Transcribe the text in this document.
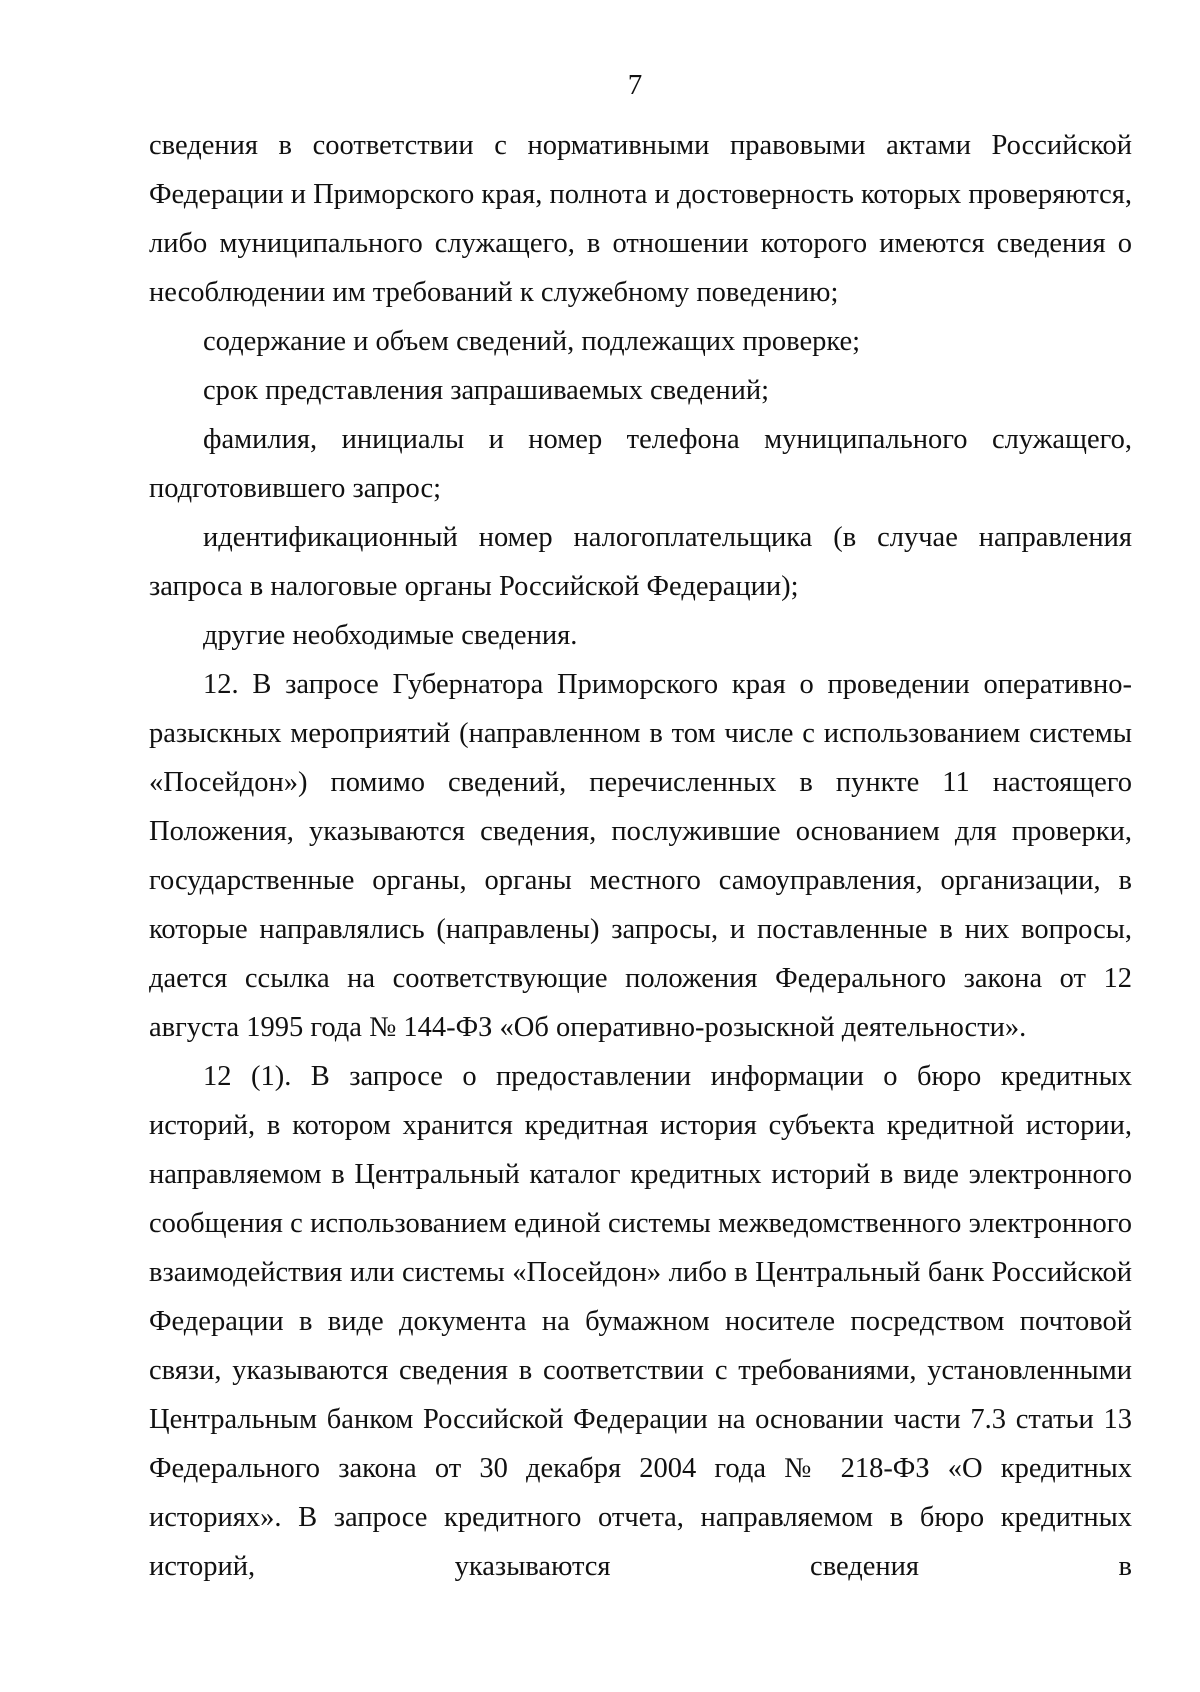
7

сведения в соответствии с нормативными правовыми актами Российской Федерации и Приморского края, полнота и достоверность которых проверяются, либо муниципального служащего, в отношении которого имеются сведения о несоблюдении им требований к служебному поведению;

содержание и объем сведений, подлежащих проверке;

срок представления запрашиваемых сведений;

фамилия, инициалы и номер телефона муниципального служащего, подготовившего запрос;

идентификационный номер налогоплательщика (в случае направления запроса в налоговые органы Российской Федерации);

другие необходимые сведения.

12. В запросе Губернатора Приморского края о проведении оперативно-разыскных мероприятий (направленном в том числе с использованием системы «Посейдон») помимо сведений, перечисленных в пункте 11 настоящего Положения, указываются сведения, послужившие основанием для проверки, государственные органы, органы местного самоуправления, организации, в которые направлялись (направлены) запросы, и поставленные в них вопросы, дается ссылка на соответствующие положения Федерального закона от 12 августа 1995 года № 144-ФЗ «Об оперативно-розыскной деятельности».

12 (1). В запросе о предоставлении информации о бюро кредитных историй, в котором хранится кредитная история субъекта кредитной истории, направляемом в Центральный каталог кредитных историй в виде электронного сообщения с использованием единой системы межведомственного электронного взаимодействия или системы «Посейдон» либо в Центральный банк Российской Федерации в виде документа на бумажном носителе посредством почтовой связи, указываются сведения в соответствии с требованиями, установленными Центральным банком Российской Федерации на основании части 7.3 статьи 13 Федерального закона от 30 декабря 2004 года № 218-ФЗ «О кредитных историях». В запросе кредитного отчета, направляемом в бюро кредитных историй, указываются сведения в
